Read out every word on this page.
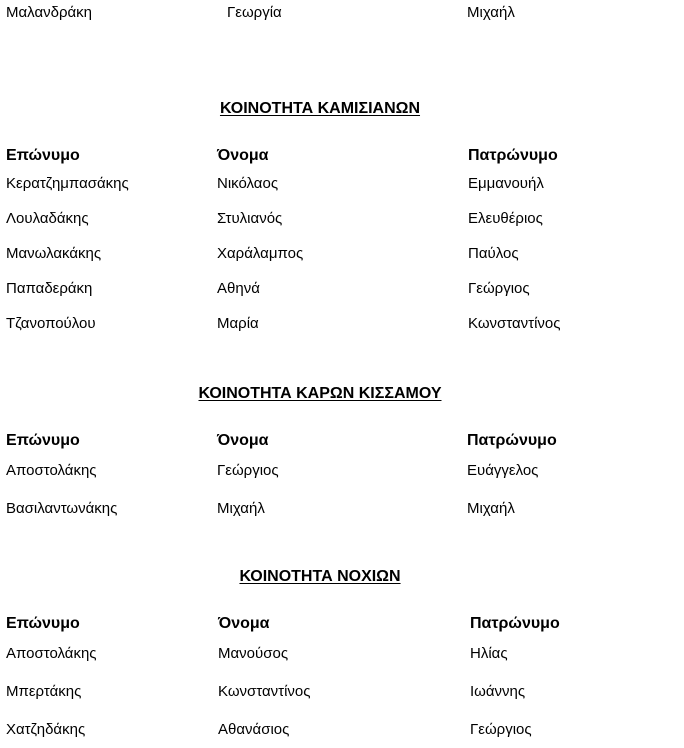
Μαλανδράκη	Γεωργία	Μιχαήλ
ΚΟΙΝΟΤΗΤΑ ΚΑΜΙΣΙΑΝΩΝ
Επώνυμο	Όνομα	Πατρώνυμο
Κερατζημπασάκης	Νικόλαος	Εμμανουήλ
Λουλαδάκης	Στυλιανός	Ελευθέριος
Μανωλακάκης	Χαράλαμπος	Παύλος
Παπαδεράκη	Αθηνά	Γεώργιος
Τζανοπούλου	Μαρία	Κωνσταντίνος
ΚΟΙΝΟΤΗΤΑ ΚΑΡΩΝ ΚΙΣΣΑΜΟΥ
Επώνυμο	Όνομα	Πατρώνυμο
Αποστολάκης	Γεώργιος	Ευάγγελος
Βασιλαντωνάκης	Μιχαήλ	Μιχαήλ
ΚΟΙΝΟΤΗΤΑ ΝΟΧΙΩΝ
Επώνυμο	Όνομα	Πατρώνυμο
Αποστολάκης	Μανούσος	Ηλίας
Μπερτάκης	Κωνσταντίνος	Ιωάννης
Χατζηδάκης	Αθανάσιος	Γεώργιος
